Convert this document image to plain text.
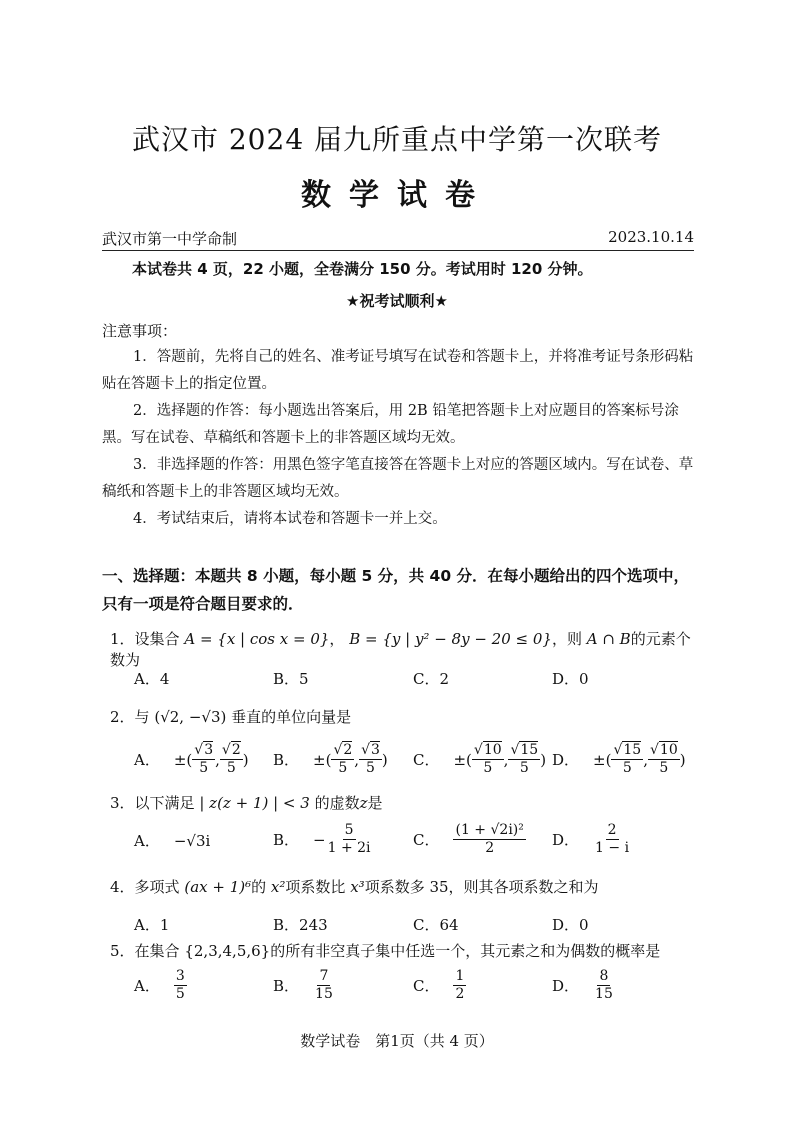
武汉市 2024 届九所重点中学第一次联考
数学试卷
武汉市第一中学命制	2023.10.14
本试卷共 4 页，22 小题，全卷满分 150 分。考试用时 120 分钟。
★祝考试顺利★
注意事项：
1．答题前，先将自己的姓名、准考证号填写在试卷和答题卡上，并将准考证号条形码粘贴在答题卡上的指定位置。
2．选择题的作答：每小题选出答案后，用 2B 铅笔把答题卡上对应题目的答案标号涂黑。写在试卷、草稿纸和答题卡上的非答题区域均无效。
3．非选择题的作答：用黑色签字笔直接答在答题卡上对应的答题区域内。写在试卷、草稿纸和答题卡上的非答题区域均无效。
4．考试结束后，请将本试卷和答题卡一并上交。
一、选择题：本题共 8 小题，每小题 5 分，共 40 分．在每小题给出的四个选项中，只有一项是符合题目要求的．
1．设集合 A = {x | cos x = 0}， B = {y | y² − 8y − 20 ≤ 0}，则 A ∩ B的元素个数为
A．4	B．5	C．2	D．0
2．与 (√2, −√3) 垂直的单位向量是
A． ±( √ $\frac{3}{5}$ , √ $\frac{2}{5}$ ) B． ±( √ $\frac{2}{5}$ , √ $\frac{3}{5}$ ) C． ±( √ $\frac{10}{5}$ , √ $\frac{15}{5}$ ) D． ±( √ $\frac{15}{5}$ , √ $\frac{10}{5}$ )
3．以下满足 | z(z + 1) | < 3 的虚数z是
A． −√3i	B． − $\frac{5}{1 + 2i}$	C． $\frac{\text{(1 + √2i)²}}{2}$ D． $\frac{2}{1 - i}$
4．多项式 (ax + 1)⁶的 x²项系数比 x³项系数多 35，则其各项系数之和为
A．1	B．243	C．64	D．0
5．在集合 {2,3,4,5,6}的所有非空真子集中任选一个，其元素之和为偶数的概率是
A． $\frac{3}{5}$	B． $\frac{7}{15}$	C． $\frac{1}{2}$	D． $\frac{8}{15}$
数学试卷　第1页（共 4 页）
